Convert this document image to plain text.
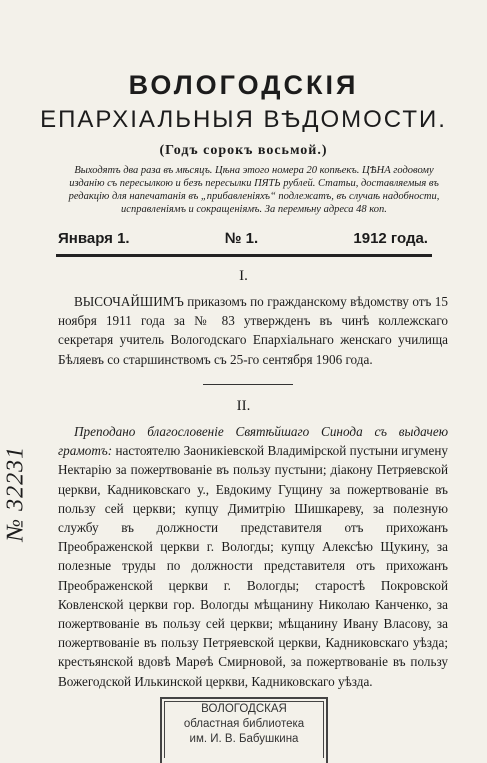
ВОЛОГОДСКІЯ
ЕПАРХІАЛЬНЫЯ ВѢДОМОСТИ.
(Годъ сорокъ восьмой.)
Выходятъ два раза въ мѣсяцъ. Цѣна этого номера 20 копѣекъ. ЦѢНА годовому изданію съ пересылкою и безъ пересылки ПЯТЬ рублей. Статьи, доставляемыя въ редакцію для напечатанія въ „прибавленіяхъ“ подлежатъ, въ случаѣ надобности, исправленіямъ и сокращеніямъ. За перемѣну адреса 48 коп.
Января 1.	№ 1.	1912 года.
I.

ВЫСОЧАЙШИМЪ приказомъ по гражданскому вѣдомству отъ 15 ноября 1911 года за № 83 утвержденъ въ чинѣ коллежскаго секретаря учитель Вологодскаго Епархіальнаго женскаго училища Бѣляевъ со старшинствомъ съ 25-го сентября 1906 года.

II.

Преподано благословеніе Святѣйшаго Синода съ выдачею грамотъ: настоятелю Заоникіевской Владимірской пустыни игумену Нектарію за пожертвованіе въ пользу пустыни; діакону Петряевской церкви, Кадниковскаго у., Евдокиму Гущину за пожертвованіе въ пользу сей церкви; купцу Димитрію Шишкареву, за полезную службу въ должности представителя отъ прихожанъ Преображенской церкви г. Вологды; купцу Алексѣю Щукину, за полезные труды по должности представителя отъ прихожанъ Преображенской церкви г. Вологды; старостѣ Покровской Ковленской церкви гор. Вологды мѣщанину Николаю Канченко, за пожертвованіе въ пользу сей церкви; мѣщанину Ивану Власову, за пожертвованіе въ пользу Петряевской церкви, Кадниковскаго уѣзда; крестьянской вдовѣ Марѳѣ Смирновой, за пожертвованіе въ пользу Вожегодской Илькинской церкви, Кадниковскаго уѣзда.

№ 32231
ВОЛОГОДСКАЯ
областная библиотека
им. И. В. Бабушкина
